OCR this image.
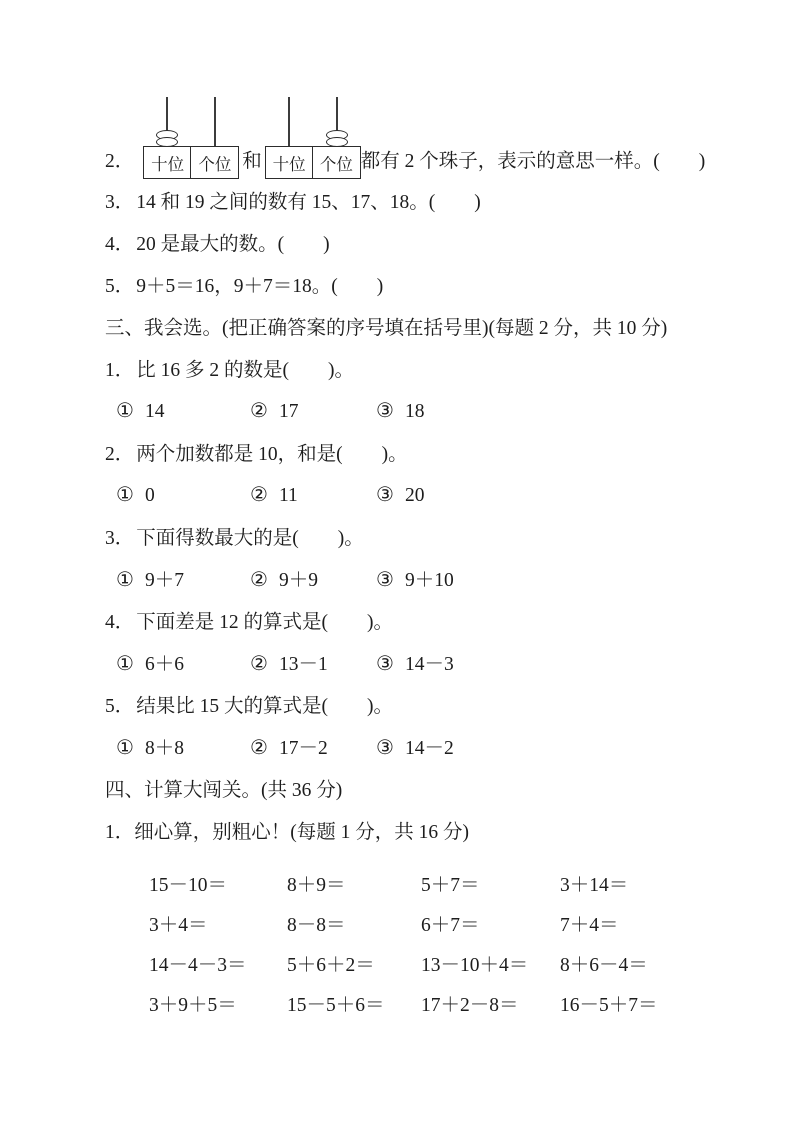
2．	十位 个位 和 十位 个位 都有 2 个珠子，表示的意思一样。(　　)
3． 14 和 19 之间的数有 15、17、18。(　　)
4． 20 是最大的数。(　　)
5． 9＋5＝16，9＋7＝18。(　　)
三、我会选。(把正确答案的序号填在括号里)(每题 2 分，共 10 分)
1． 比 16 多 2 的数是(　　)。
① 14	② 17	③ 18
2． 两个加数都是 10，和是(　　)。
① 0	② 11	③ 20
3． 下面得数最大的是(　　)。
① 9＋7	② 9＋9	③ 9＋10
4． 下面差是 12 的算式是(　　)。
① 6＋6	② 13－1	③ 14－3
5． 结果比 15 大的算式是(　　)。
① 8＋8	② 17－2	③ 14－2
四、计算大闯关。(共 36 分)
1．细心算，别粗心！(每题 1 分，共 16 分)
15－10＝	8＋9＝	5＋7＝	3＋14＝
3＋4＝	8－8＝	6＋7＝	7＋4＝
14－4－3＝	5＋6＋2＝	13－10＋4＝	8＋6－4＝
3＋9＋5＝	15－5＋6＝	17＋2－8＝	16－5＋7＝
